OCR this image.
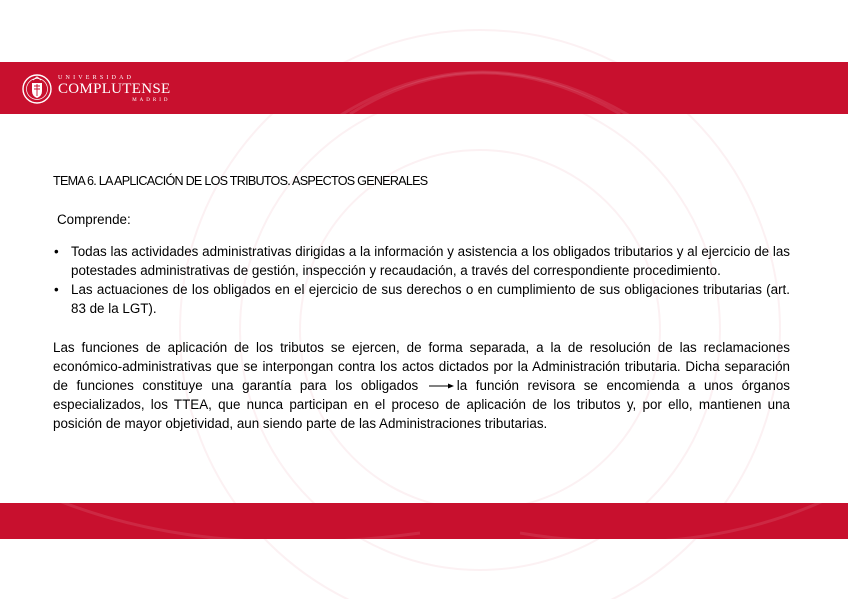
UNIVERSIDAD
COMPLUTENSE
MADRID

TEMA 6. LA APLICACIÓN DE LOS TRIBUTOS. ASPECTOS GENERALES

Comprende:

• Todas las actividades administrativas dirigidas a la información y asistencia a los obligados tributarios y al ejercicio de las potestades administrativas de gestión, inspección y recaudación, a través del correspondiente procedimiento.
• Las actuaciones de los obligados en el ejercicio de sus derechos o en cumplimiento de sus obligaciones tributarias (art. 83 de la LGT).

Las funciones de aplicación de los tributos se ejercen, de forma separada, a la de resolución de las reclamaciones económico-administrativas que se interpongan contra los actos dictados por la Administración tributaria. Dicha separación de funciones constituye una garantía para los obligados	la función revisora se encomienda a unos órganos especializados, los TTEA, que nunca participan en el proceso de aplicación de los tributos y, por ello, mantienen una posición de mayor objetividad, aun siendo parte de las Administraciones tributarias.
